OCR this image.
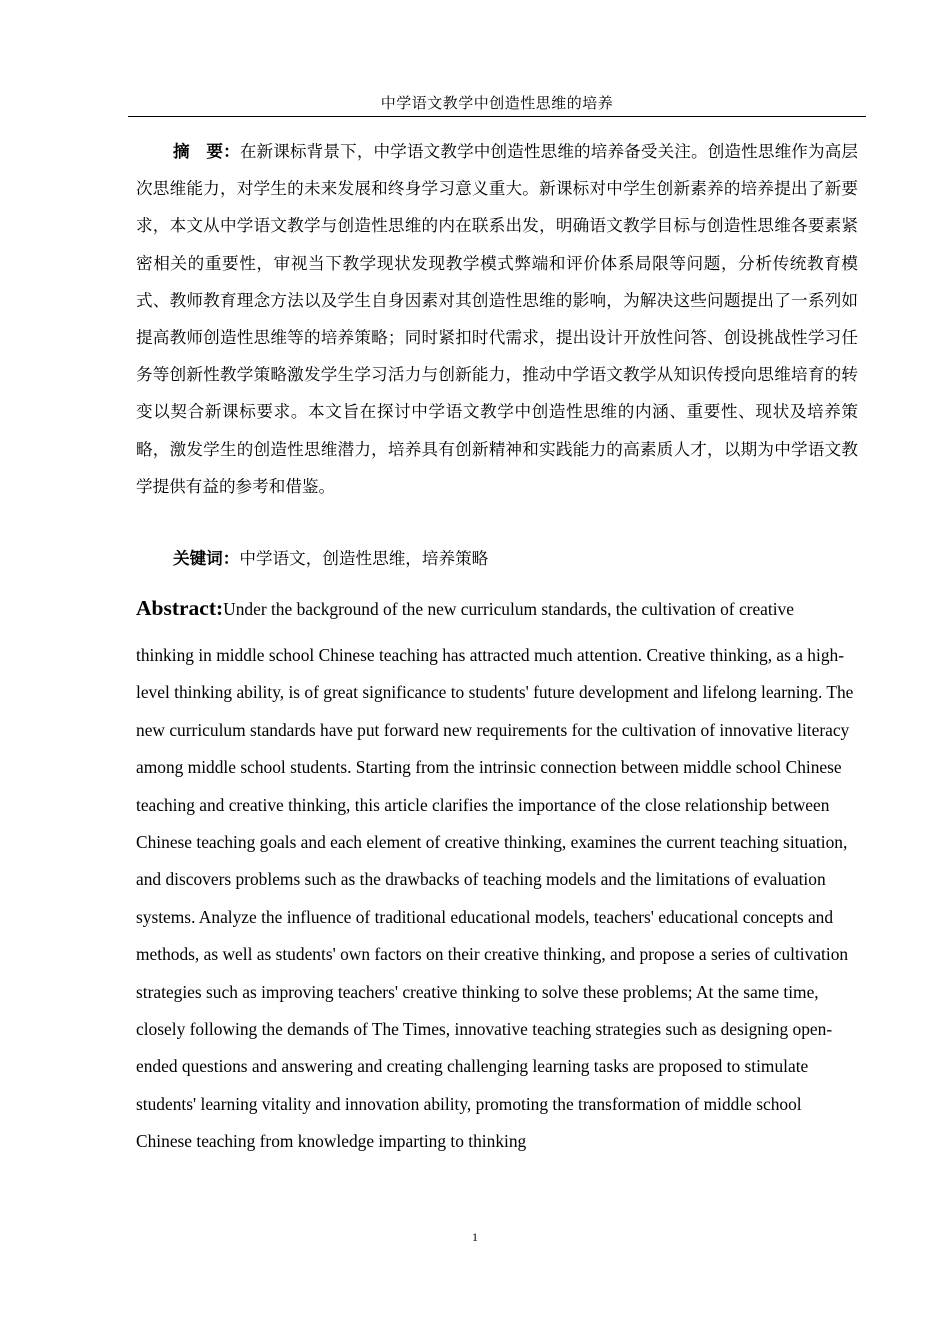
中学语文教学中创造性思维的培养

摘　要：在新课标背景下，中学语文教学中创造性思维的培养备受关注。创造性思维作为高层次思维能力，对学生的未来发展和终身学习意义重大。新课标对中学生创新素养的培养提出了新要求，本文从中学语文教学与创造性思维的内在联系出发，明确语文教学目标与创造性思维各要素紧密相关的重要性，审视当下教学现状发现教学模式弊端和评价体系局限等问题，分析传统教育模式、教师教育理念方法以及学生自身因素对其创造性思维的影响，为解决这些问题提出了一系列如提高教师创造性思维等的培养策略；同时紧扣时代需求，提出设计开放性问答、创设挑战性学习任务等创新性教学策略激发学生学习活力与创新能力，推动中学语文教学从知识传授向思维培育的转变以契合新课标要求。本文旨在探讨中学语文教学中创造性思维的内涵、重要性、现状及培养策略，激发学生的创造性思维潜力，培养具有创新精神和实践能力的高素质人才，以期为中学语文教学提供有益的参考和借鉴。

关键词：中学语文，创造性思维，培养策略

Abstract:Under the background of the new curriculum standards, the cultivation of creative
thinking in middle school Chinese teaching has attracted much attention. Creative thinking, as a high-level thinking ability, is of great significance to students' future development and lifelong learning. The new curriculum standards have put forward new requirements for the cultivation of innovative literacy among middle school students. Starting from the intrinsic connection between middle school Chinese teaching and creative thinking, this article clarifies the importance of the close relationship between Chinese teaching goals and each element of creative thinking, examines the current teaching situation, and discovers problems such as the drawbacks of teaching models and the limitations of evaluation systems. Analyze the influence of traditional educational models, teachers' educational concepts and methods, as well as students' own factors on their creative thinking, and propose a series of cultivation strategies such as improving teachers' creative thinking to solve these problems; At the same time, closely following the demands of The Times, innovative teaching strategies such as designing open-ended questions and answering and creating challenging learning tasks are proposed to stimulate students' learning vitality and innovation ability, promoting the transformation of middle school Chinese teaching from knowledge imparting to thinking
1
